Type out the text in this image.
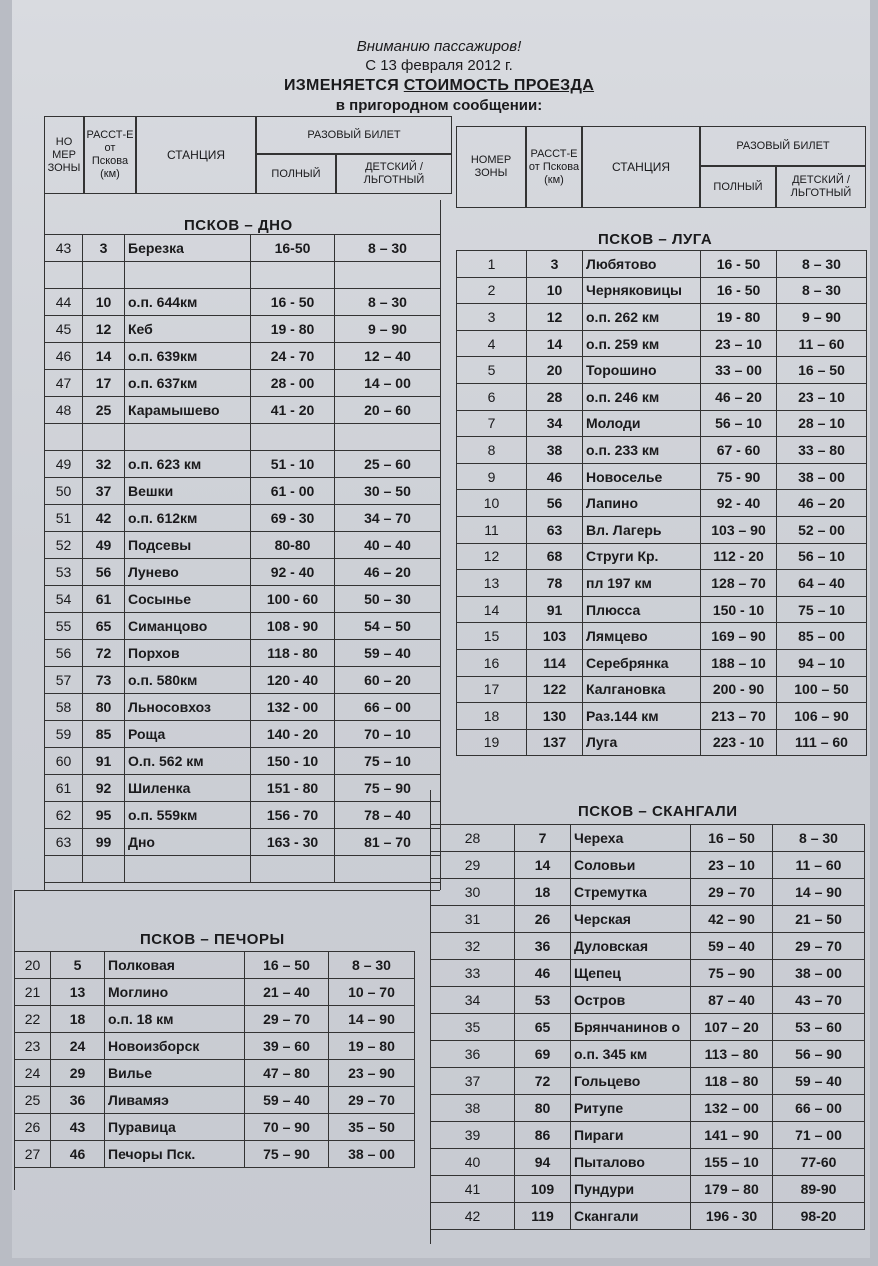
Вниманию пассажиров!
С 13 февраля 2012 г.
ИЗМЕНЯЕТСЯ СТОИМОСТЬ ПРОЕЗДА
в пригородном сообщении:
НО МЕР ЗОНЫ
РАССТ-Е от Пскова (км)
СТАНЦИЯ
РАЗОВЫЙ БИЛЕТ
ПОЛНЫЙ
ДЕТСКИЙ / ЛЬГОТНЫЙ
НОМЕР ЗОНЫ
РАССТ-Е от Пскова (км)
СТАНЦИЯ
РАЗОВЫЙ БИЛЕТ
ПОЛНЫЙ
ДЕТСКИЙ / ЛЬГОТНЫЙ
ПСКОВ – ДНО
ПСКОВ – ЛУГА
ПСКОВ – СКАНГАЛИ
ПСКОВ – ПЕЧОРЫ
43	3	Березка	16-50	8 – 30

44	10	о.п. 644км	16 - 50	8 – 30
45	12	Кеб	19 - 80	9 – 90
46	14	о.п. 639км	24 - 70	12 – 40
47	17	о.п. 637км	28 - 00	14 – 00
48	25	Карамышево	41 - 20	20 – 60

49	32	о.п. 623 км	51 - 10	25 – 60
50	37	Вешки	61 - 00	30 – 50
51	42	о.п. 612км	69 - 30	34 – 70
52	49	Подсевы	80-80	40 – 40
53	56	Лунево	92 - 40	46 – 20
54	61	Сосынье	100 - 60	50 – 30
55	65	Симанцово	108 - 90	54 – 50
56	72	Порхов	118 - 80	59 – 40
57	73	о.п. 580км	120 - 40	60 – 20
58	80	Льносовхоз	132 - 00	66 – 00
59	85	Роща	140 - 20	70 – 10
60	91	О.п. 562 км	150 - 10	75 – 10
61	92	Шиленка	151 - 80	75 – 90
62	95	о.п. 559км	156 - 70	78 – 40
63	99	Дно	163 - 30	81 – 70

1	3	Любятово	16 - 50	8 – 30
2	10	Черняковицы	16 - 50	8 – 30
3	12	о.п. 262 км	19 - 80	9 – 90
4	14	о.п. 259 км	23 – 10	11 – 60
5	20	Торошино	33 – 00	16 – 50
6	28	о.п. 246 км	46 – 20	23 – 10
7	34	Молоди	56 – 10	28 – 10
8	38	о.п. 233 км	67 - 60	33 – 80
9	46	Новоселье	75 - 90	38 – 00
10	56	Лапино	92 - 40	46 – 20
11	63	Вл. Лагерь	103 – 90	52 – 00
12	68	Струги Кр.	112 - 20	56 – 10
13	78	пл 197 км	128 – 70	64 – 40
14	91	Плюсса	150 - 10	75 – 10
15	103	Лямцево	169 – 90	85 – 00
16	114	Серебрянка	188 – 10	94 – 10
17	122	Калгановка	200 - 90	100 – 50
18	130	Раз.144 км	213 – 70	106 – 90
19	137	Луга	223 - 10	111 – 60
28	7	Череха	16 – 50	8 – 30
29	14	Соловьи	23 – 10	11 – 60
30	18	Стремутка	29 – 70	14 – 90
31	26	Черская	42 – 90	21 – 50
32	36	Дуловская	59 – 40	29 – 70
33	46	Щепец	75 – 90	38 – 00
34	53	Остров	87 – 40	43 – 70
35	65	Брянчанинов о	107 – 20	53 – 60
36	69	о.п. 345 км	113 – 80	56 – 90
37	72	Гольцево	118 – 80	59 – 40
38	80	Ритупе	132 – 00	66 – 00
39	86	Пираги	141 – 90	71 – 00
40	94	Пыталово	155 – 10	77-60
41	109	Пундури	179 – 80	89-90
42	119	Скангали	196 - 30	98-20
20	5	Полковая	16 – 50	8 – 30
21	13	Моглино	21 – 40	10 – 70
22	18	о.п. 18 км	29 – 70	14 – 90
23	24	Новоизборск	39 – 60	19 – 80
24	29	Вилье	47 – 80	23 – 90
25	36	Ливамяэ	59 – 40	29 – 70
26	43	Пуравица	70 – 90	35 – 50
27	46	Печоры Пск.	75 – 90	38 – 00
